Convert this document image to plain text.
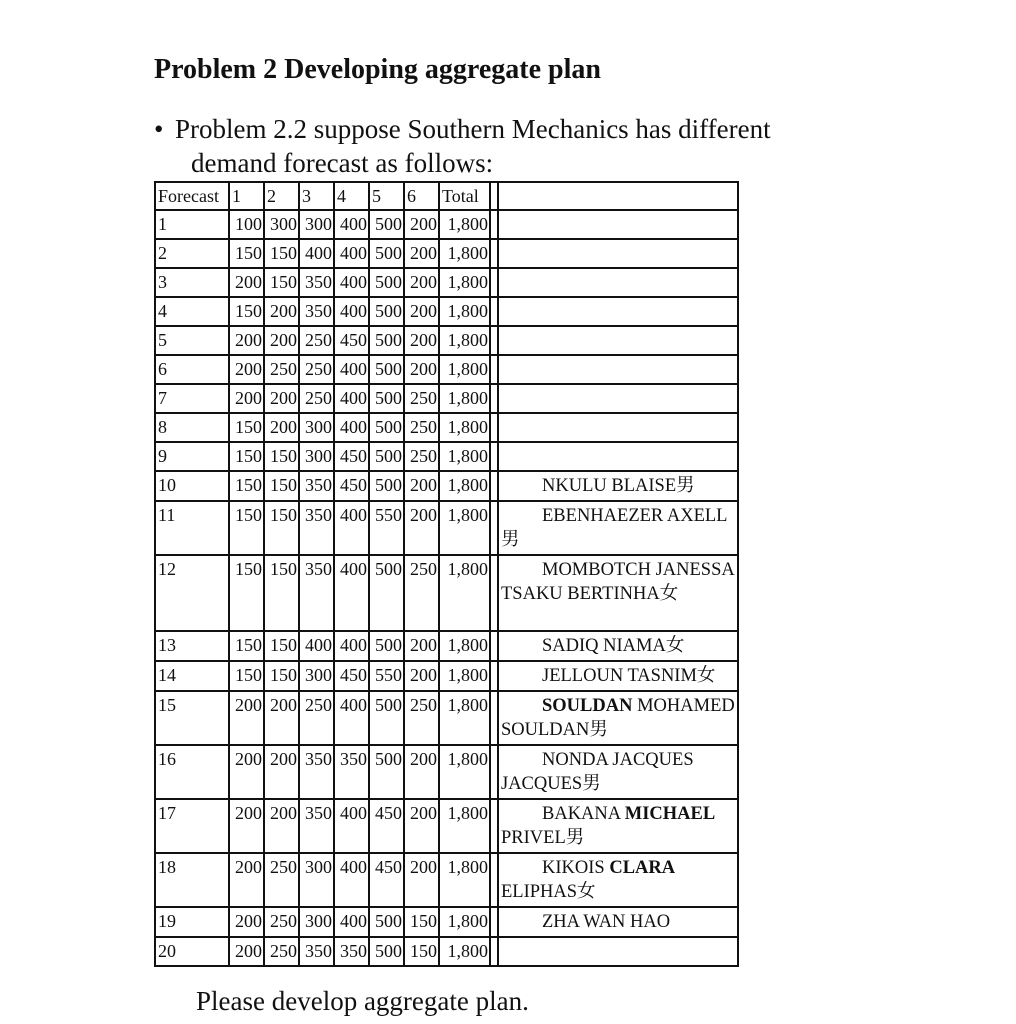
Problem 2 Developing aggregate plan
• Problem 2.2 suppose Southern Mechanics has different
demand forecast as follows:
Forecast	1	2	3	4	5	6	Total		
1	100	300	300	400	500	200	1,800		
2	150	150	400	400	500	200	1,800		
3	200	150	350	400	500	200	1,800		
4	150	200	350	400	500	200	1,800		
5	200	200	250	450	500	200	1,800		
6	200	250	250	400	500	200	1,800		
7	200	200	250	400	500	250	1,800		
8	150	200	300	400	500	250	1,800		
9	150	150	300	450	500	250	1,800		
10	150	150	350	450	500	200	1,800		NKULU BLAISE男
11	150	150	350	400	550	200	1,800		EBENHAEZER AXELL男
12	150	150	350	400	500	250	1,800		MOMBOTCH JANESSA TSAKU BERTINHA女
13	150	150	400	400	500	200	1,800		SADIQ NIAMA女
14	150	150	300	450	550	200	1,800		JELLOUN TASNIM女
15	200	200	250	400	500	250	1,800		SOULDAN MOHAMED SOULDAN男
16	200	200	350	350	500	200	1,800		NONDA JACQUES JACQUES男
17	200	200	350	400	450	200	1,800		BAKANA MICHAEL PRIVEL男
18	200	250	300	400	450	200	1,800		KIKOIS CLARA ELIPHAS女
19	200	250	300	400	500	150	1,800		ZHA WAN HAO
20	200	250	350	350	500	150	1,800		

Please develop aggregate plan.
